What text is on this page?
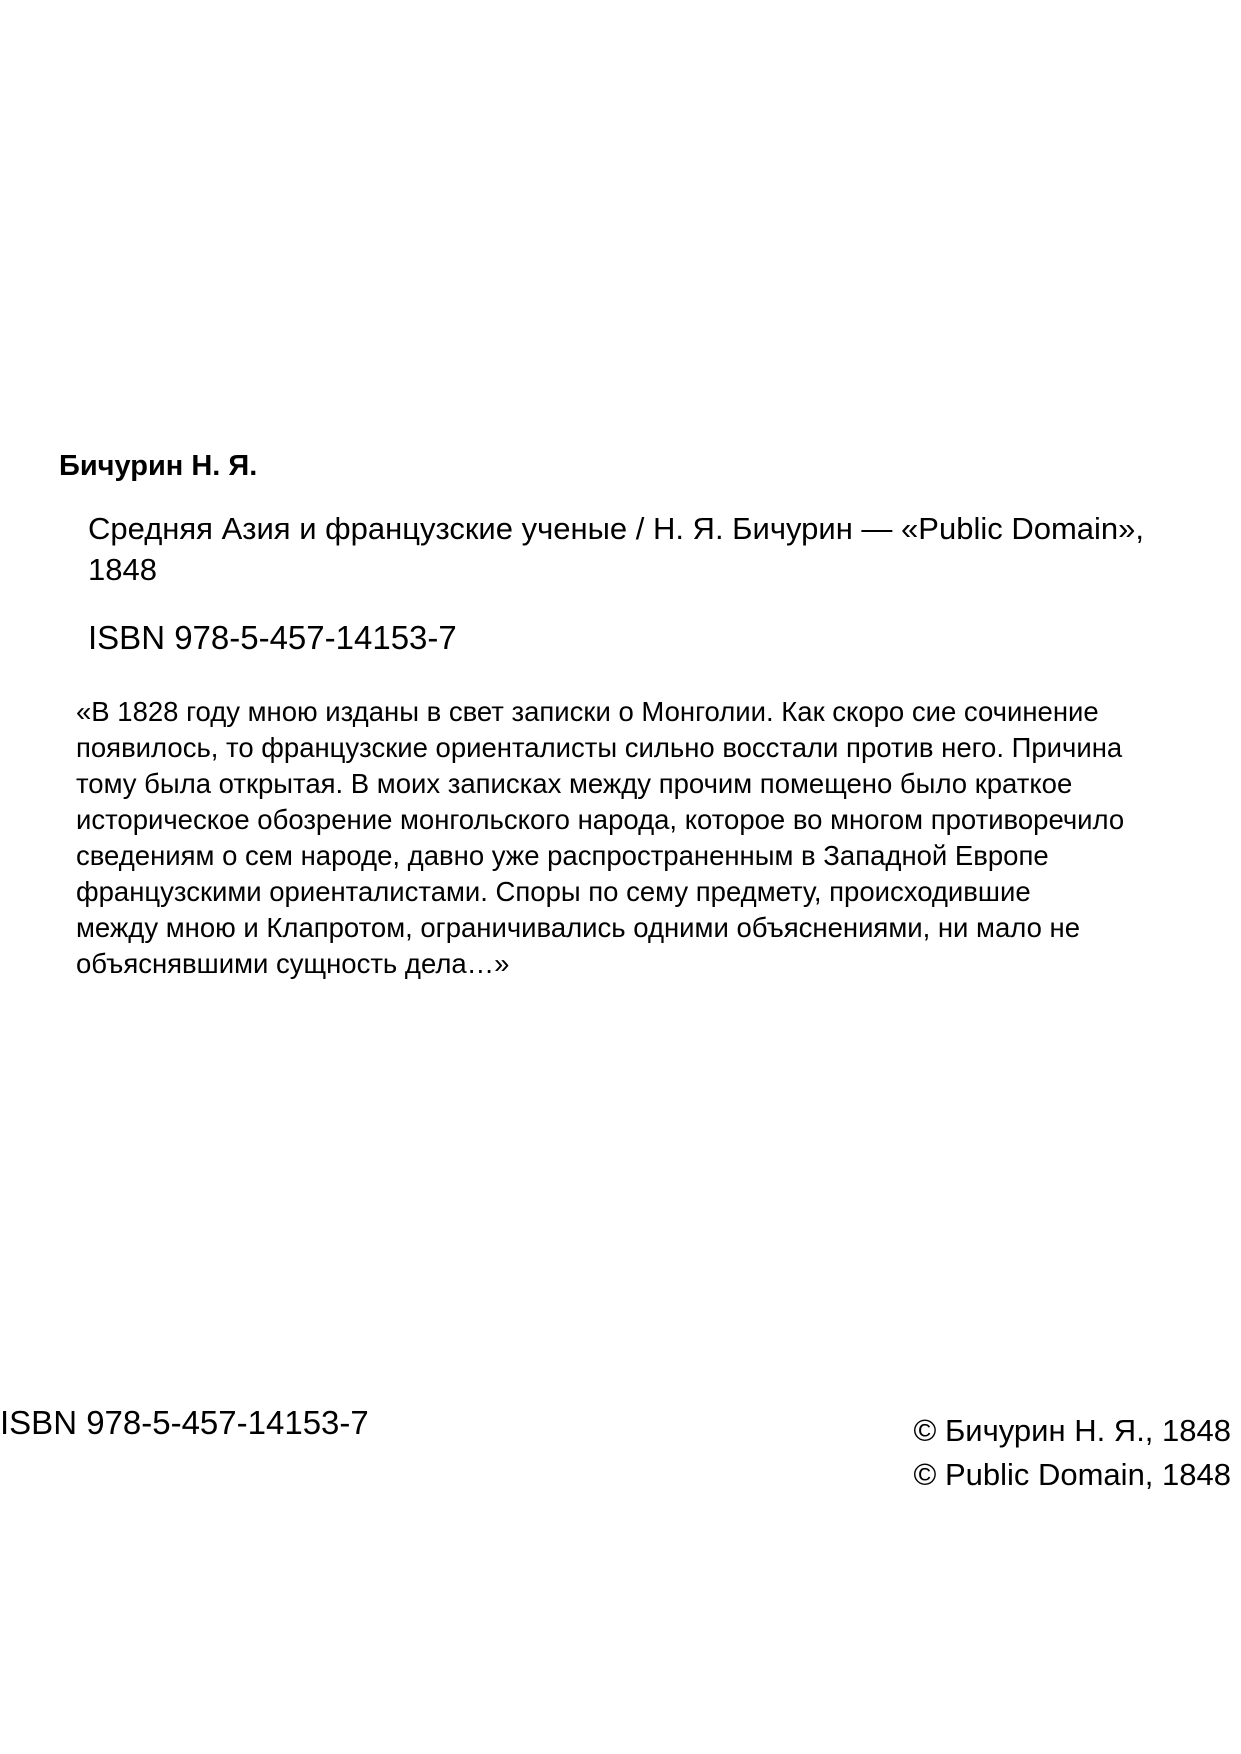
Бичурин Н. Я.
Средняя Азия и французские ученые / Н. Я. Бичурин — «Public Domain», 1848
ISBN 978-5-457-14153-7
«В 1828 году мною изданы в свет записки о Монголии. Как скоро сие сочинение
появилось, то французские ориенталисты сильно восстали против него. Причина
тому была открытая. В моих записках между прочим помещено было краткое
историческое обозрение монгольского народа, которое во многом противоречило
сведениям о сем народе, давно уже распространенным в Западной Европе
французскими ориенталистами. Споры по сему предмету, происходившие
между мною и Клапротом, ограничивались одними объяснениями, ни мало не
объяснявшими сущность дела…»
ISBN 978-5-457-14153-7	© Бичурин Н. Я., 1848
© Public Domain, 1848
